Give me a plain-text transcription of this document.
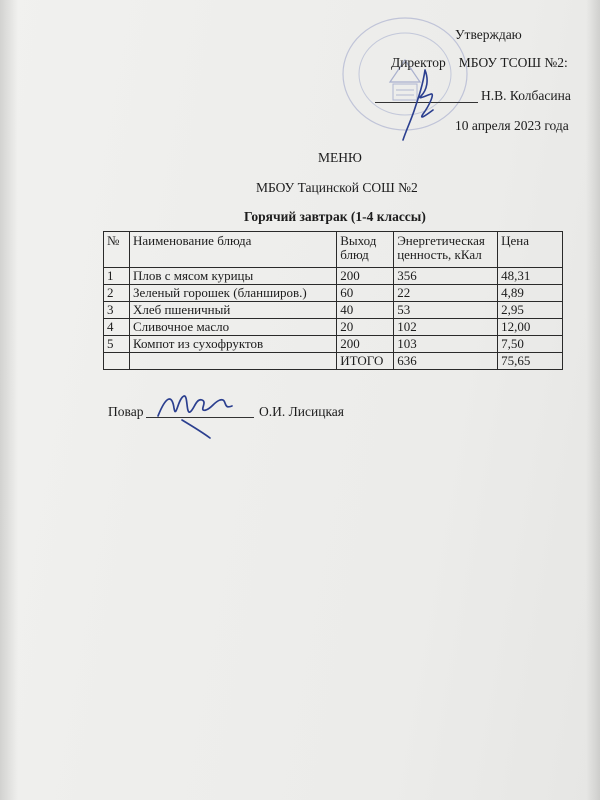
Утверждаю
Директор МБОУ ТСОШ №2:
Н.В. Колбасина
10 апреля 2023 года
МЕНЮ
МБОУ Тацинской СОШ №2
Горячий завтрак (1-4 классы)
№	Наименование блюда	Выход блюд	Энергетическая ценность, кКал	Цена
1	Плов с мясом курицы	200	356	48,31
2	Зеленый горошек (бланширов.)	60	22	4,89
3	Хлеб пшеничный	40	53	2,95
4	Сливочное масло	20	102	12,00
5	Компот из сухофруктов	200	103	7,50
		ИТОГО	636	75,65
Повар	О.И. Лисицкая
